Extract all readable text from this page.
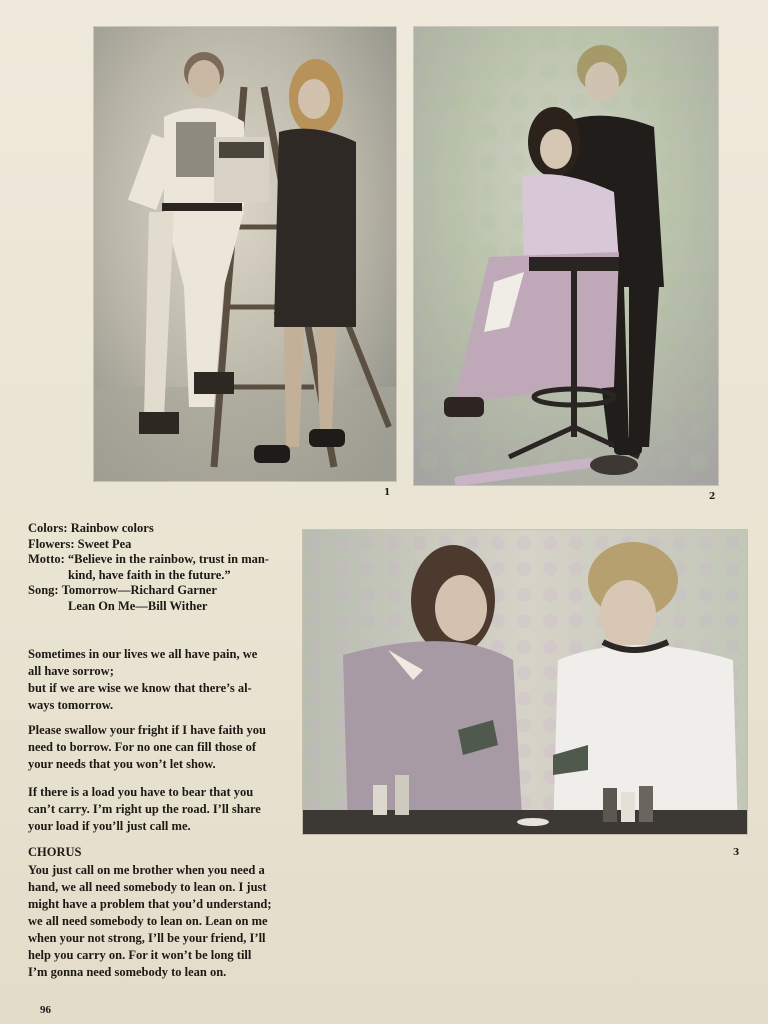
1	2
3
Colors: Rainbow colors
Flowers: Sweet Pea
Motto: “Believe in the rainbow, trust in man-
kind, have faith in the future.”
Song: Tomorrow—Richard Garner
Lean On Me—Bill Wither

Sometimes in our lives we all have pain, we

all have sorrow;

but if we are wise we know that there’s al-

ways tomorrow.

Please swallow your fright if I have faith you

need to borrow. For no one can fill those of

your needs that you won’t let show.

If there is a load you have to bear that you

can’t carry. I’m right up the road. I’ll share

your load if you’ll just call me.

CHORUS

You just call on me brother when you need a

hand, we all need somebody to lean on. I just

might have a problem that you’d understand;

we all need somebody to lean on. Lean on me

when your not strong, I’ll be your friend, I’ll

help you carry on. For it won’t be long till

I’m gonna need somebody to lean on.

96
